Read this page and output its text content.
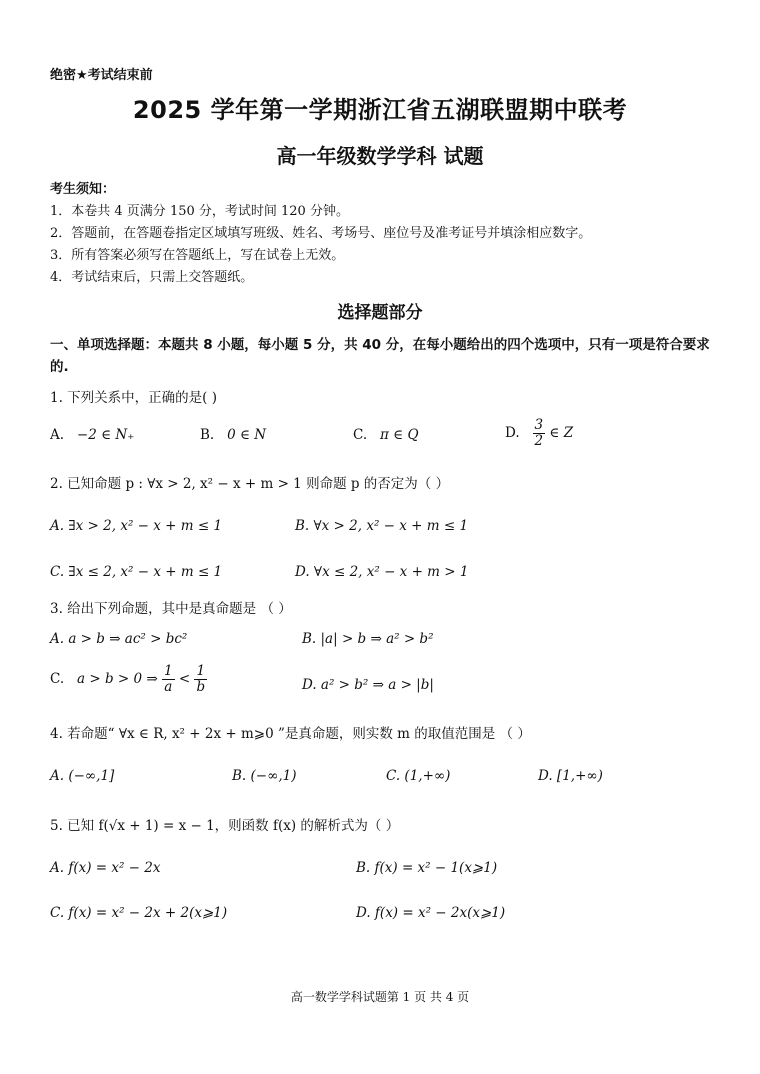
绝密★考试结束前
2025 学年第一学期浙江省五湖联盟期中联考
高一年级数学学科 试题
考生须知：
1．本卷共 4 页满分 150 分，考试时间 120 分钟。
2．答题前，在答题卷指定区域填写班级、姓名、考场号、座位号及准考证号并填涂相应数字。
3．所有答案必须写在答题纸上，写在试卷上无效。
4．考试结束后，只需上交答题纸。
选择题部分
一、单项选择题：本题共 8 小题，每小题 5 分，共 40 分，在每小题给出的四个选项中，只有一项是符合要求的.
1. 下列关系中，正确的是( )
A. −2 ∈ N₊	B. 0 ∈ N	C. π ∈ Q	D. $\frac{3}{2}$ ∈ Z
2. 已知命题 p : ∀x > 2, x² − x + m > 1 则命题 p 的否定为（ ）
A. ∃x > 2, x² − x + m ≤ 1	B. ∀x > 2, x² − x + m ≤ 1
C. ∃x ≤ 2, x² − x + m ≤ 1	D. ∀x ≤ 2, x² − x + m > 1
3. 给出下列命题，其中是真命题是 （ ）
A. a > b ⇒ ac² > bc²	B. |a| > b ⇒ a² > b²
C. a > b > 0 ⇒ $\frac{1}{a} < \frac{1}{b}$	D. a² > b² ⇒ a > |b|
4. 若命题“ ∀x ∈ R, x² + 2x + m⩾0 ”是真命题，则实数 m 的取值范围是 （ ）
A. (−∞,1]	B. (−∞,1)	C. (1,+∞)	D. [1,+∞)
5. 已知 f(√x + 1) = x − 1，则函数 f(x) 的解析式为（ ）
A. f(x) = x² − 2x	B. f(x) = x² − 1(x⩾1)
C. f(x) = x² − 2x + 2(x⩾1)	D. f(x) = x² − 2x(x⩾1)
高一数学学科试题第 1 页 共 4 页
